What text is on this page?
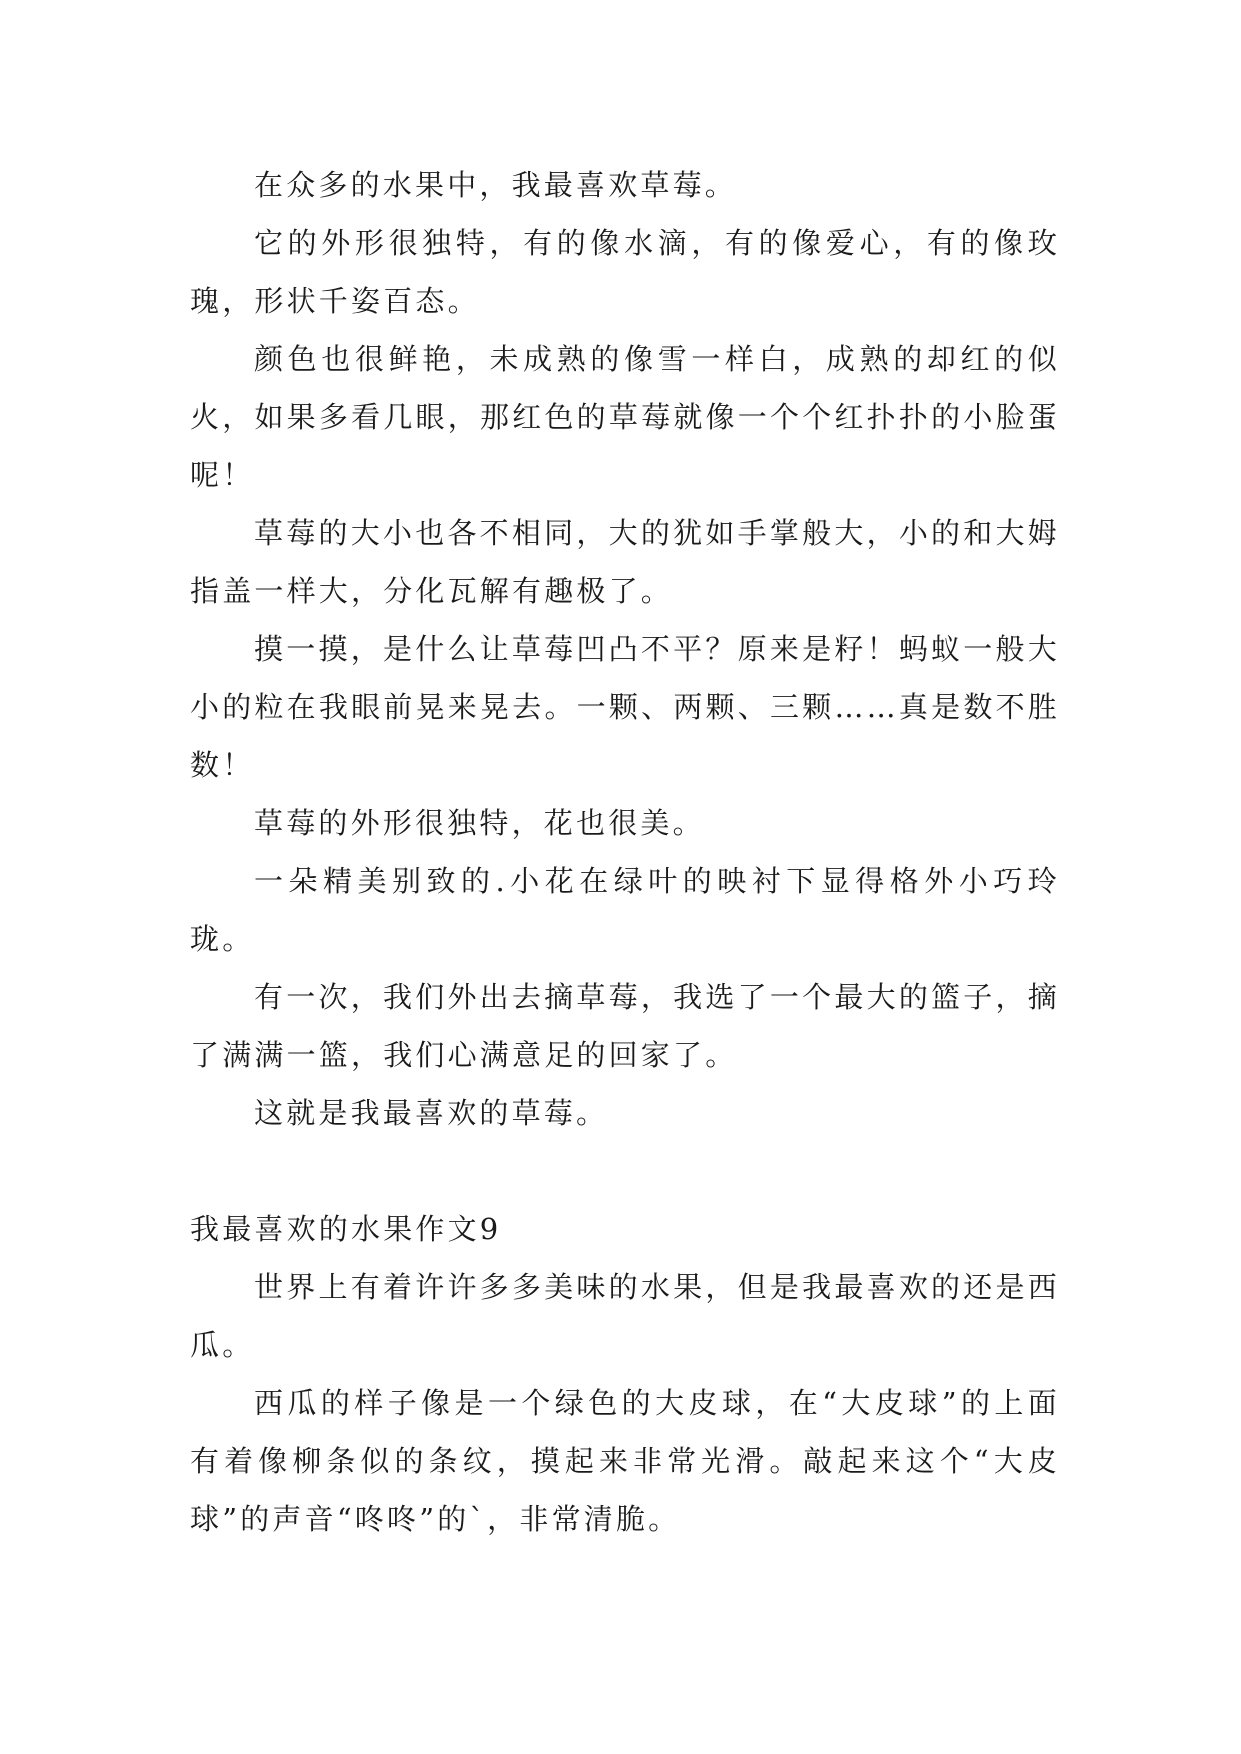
在众多的水果中，我最喜欢草莓。

它的外形很独特，有的像水滴，有的像爱心，有的像玫瑰，形状千姿百态。

颜色也很鲜艳，未成熟的像雪一样白，成熟的却红的似火，如果多看几眼，那红色的草莓就像一个个红扑扑的小脸蛋呢！

草莓的大小也各不相同，大的犹如手掌般大，小的和大姆指盖一样大，分化瓦解有趣极了。

摸一摸，是什么让草莓凹凸不平？原来是籽！蚂蚁一般大小的粒在我眼前晃来晃去。一颗、两颗、三颗……真是数不胜数！

草莓的外形很独特，花也很美。

一朵精美别致的.小花在绿叶的映衬下显得格外小巧玲珑。

有一次，我们外出去摘草莓，我选了一个最大的篮子，摘了满满一篮，我们心满意足的回家了。

这就是我最喜欢的草莓。

我最喜欢的水果作文9

世界上有着许许多多美味的水果，但是我最喜欢的还是西瓜。

西瓜的样子像是一个绿色的大皮球，在“大皮球”的上面有着像柳条似的条纹，摸起来非常光滑。敲起来这个“大皮球”的声音“咚咚”的`，非常清脆。
